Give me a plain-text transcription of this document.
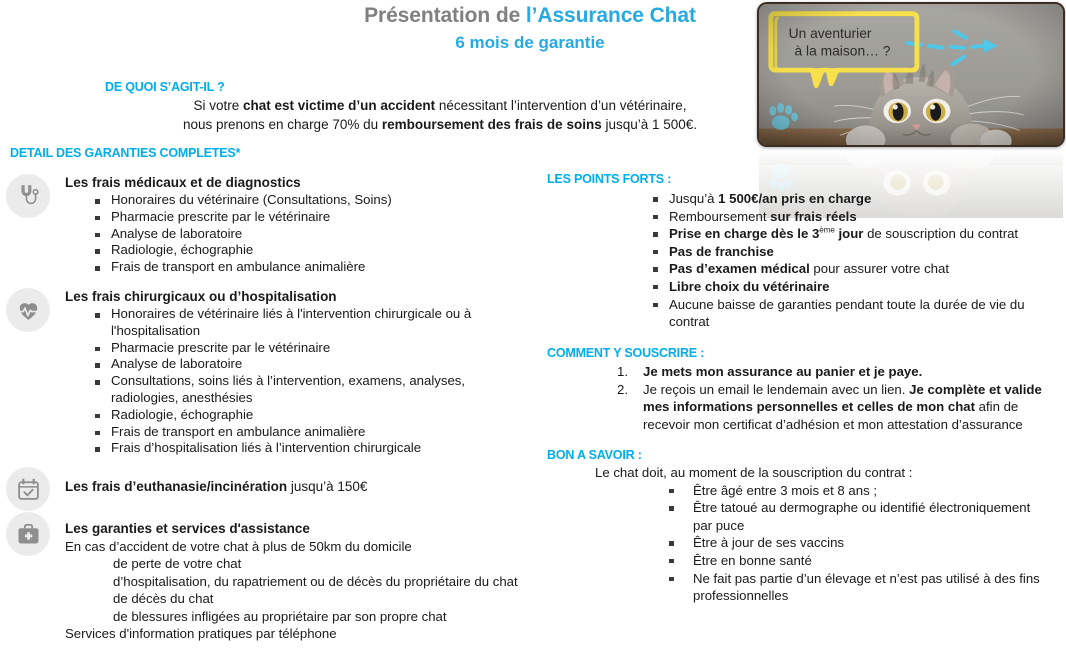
Présentation de l’Assurance Chat
6 mois de garantie
DE QUOI S’AGIT-IL ?
Si votre chat est victime d’un accident nécessitant l’intervention d’un vétérinaire,
nous prenons en charge 70% du remboursement des frais de soins jusqu’à 1 500€.
DETAIL DES GARANTIES COMPLETES*
Les frais médicaux et de diagnostics
Honoraires du vétérinaire (Consultations, Soins)
Pharmacie prescrite par le vétérinaire
Analyse de laboratoire
Radiologie, échographie
Frais de transport en ambulance animalière
Les frais chirurgicaux ou d’hospitalisation
Honoraires de vétérinaire liés à l'intervention chirurgicale ou à l'hospitalisation
Pharmacie prescrite par le vétérinaire
Analyse de laboratoire
Consultations, soins liés à l’intervention, examens, analyses, radiologies, anesthésies
Radiologie, échographie
Frais de transport en ambulance animalière
Frais d’hospitalisation liés à l’intervention chirurgicale
Les frais d’euthanasie/incinération jusqu’à 150€
Les garanties et services d'assistance
En cas d’accident de votre chat à plus de 50km du domicile
de perte de votre chat
d’hospitalisation, du rapatriement ou de décès du propriétaire du chat
de décès du chat
de blessures infligées au propriétaire par son propre chat
Services d'information pratiques par téléphone
LES POINTS FORTS :
Jusqu’à 1 500€/an pris en charge
Remboursement sur frais réels
Prise en charge dès le 3ème jour de souscription du contrat
Pas de franchise
Pas d’examen médical pour assurer votre chat
Libre choix du vétérinaire
Aucune baisse de garanties pendant toute la durée de vie du contrat
COMMENT Y SOUSCRIRE :
Je mets mon assurance au panier et je paye.
Je reçois un email le lendemain avec un lien. Je complète et valide mes informations personnelles et celles de mon chat afin de recevoir mon certificat d’adhésion et mon attestation d’assurance
BON A SAVOIR :
Le chat doit, au moment de la souscription du contrat :
Être âgé entre 3 mois et 8 ans ;
Être tatoué au dermographe ou identifié électroniquement par puce
Être à jour de ses vaccins
Être en bonne santé
Ne fait pas partie d’un élevage et n’est pas utilisé à des fins professionnelles
